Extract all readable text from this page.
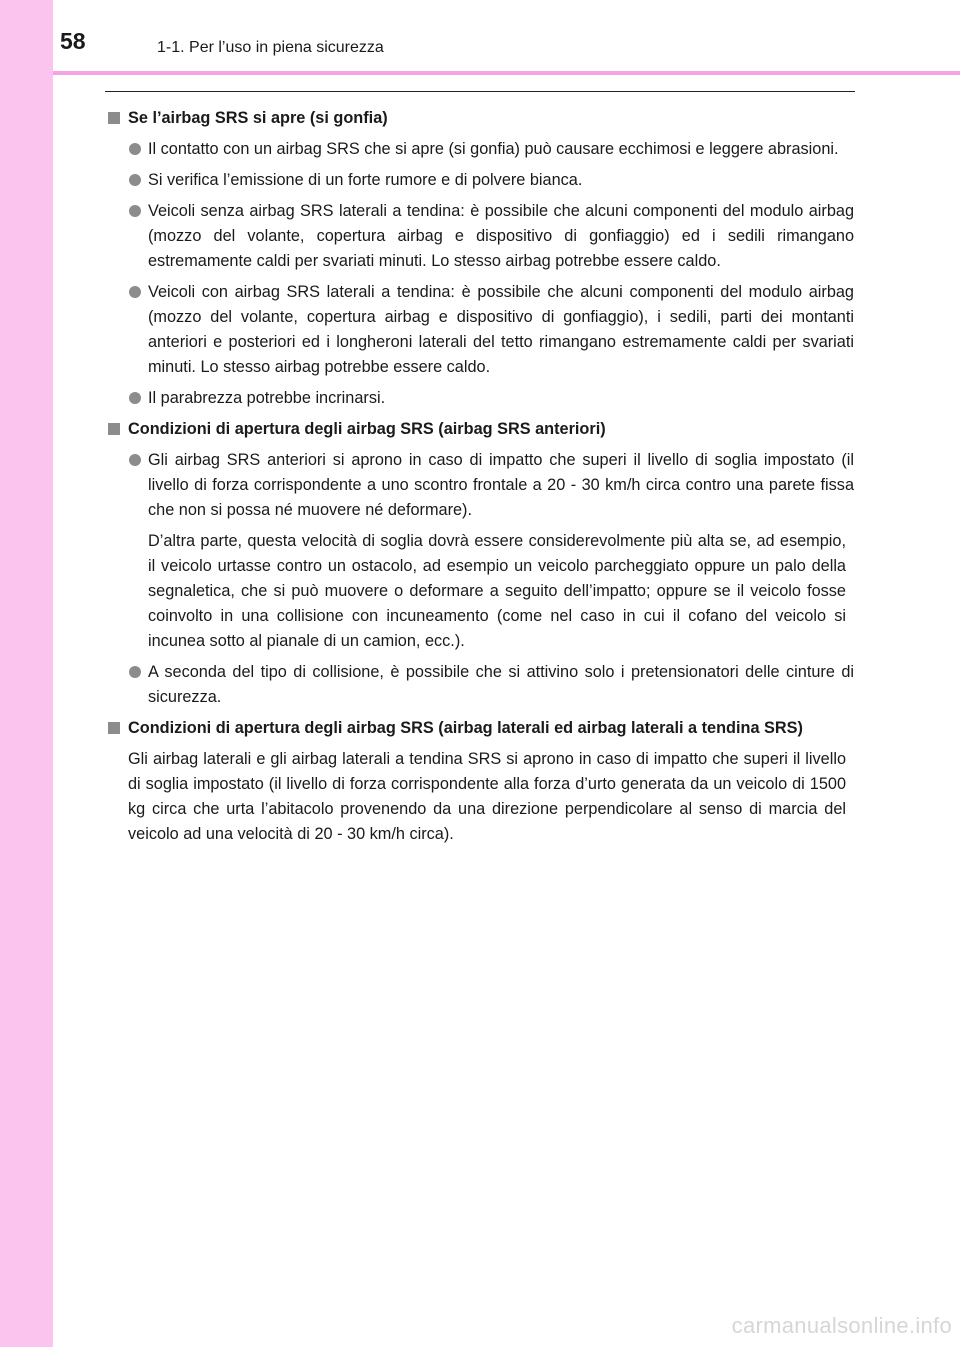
58	1-1. Per l’uso in piena sicurezza
Se l’airbag SRS si apre (si gonfia)
Il contatto con un airbag SRS che si apre (si gonfia) può causare ecchimosi e leggere abrasioni.
Si verifica l’emissione di un forte rumore e di polvere bianca.
Veicoli senza airbag SRS laterali a tendina: è possibile che alcuni componenti del modulo airbag (mozzo del volante, copertura airbag e dispositivo di gonfiaggio) ed i sedili rimangano estremamente caldi per svariati minuti. Lo stesso airbag potrebbe essere caldo.
Veicoli con airbag SRS laterali a tendina: è possibile che alcuni componenti del modulo airbag (mozzo del volante, copertura airbag e dispositivo di gonfiaggio), i sedili, parti dei montanti anteriori e posteriori ed i longheroni laterali del tetto rimangano estremamente caldi per svariati minuti. Lo stesso airbag potrebbe essere caldo.
Il parabrezza potrebbe incrinarsi.
Condizioni di apertura degli airbag SRS (airbag SRS anteriori)
Gli airbag SRS anteriori si aprono in caso di impatto che superi il livello di soglia impostato (il livello di forza corrispondente a uno scontro frontale a 20 - 30 km/h circa contro una parete fissa che non si possa né muovere né deformare).
D’altra parte, questa velocità di soglia dovrà essere considerevolmente più alta se, ad esempio, il veicolo urtasse contro un ostacolo, ad esempio un veicolo parcheggiato oppure un palo della segnaletica, che si può muovere o deformare a seguito dell’impatto; oppure se il veicolo fosse coinvolto in una collisione con incuneamento (come nel caso in cui il cofano del veicolo si incunea sotto al pianale di un camion, ecc.).
A seconda del tipo di collisione, è possibile che si attivino solo i pretensionatori delle cinture di sicurezza.
Condizioni di apertura degli airbag SRS (airbag laterali ed airbag laterali a tendina SRS)
Gli airbag laterali e gli airbag laterali a tendina SRS si aprono in caso di impatto che superi il livello di soglia impostato (il livello di forza corrispondente alla forza d’urto generata da un veicolo di 1500 kg circa che urta l’abitacolo provenendo da una direzione perpendicolare al senso di marcia del veicolo ad una velocità di 20 - 30 km/h circa).
carmanualsonline.info
